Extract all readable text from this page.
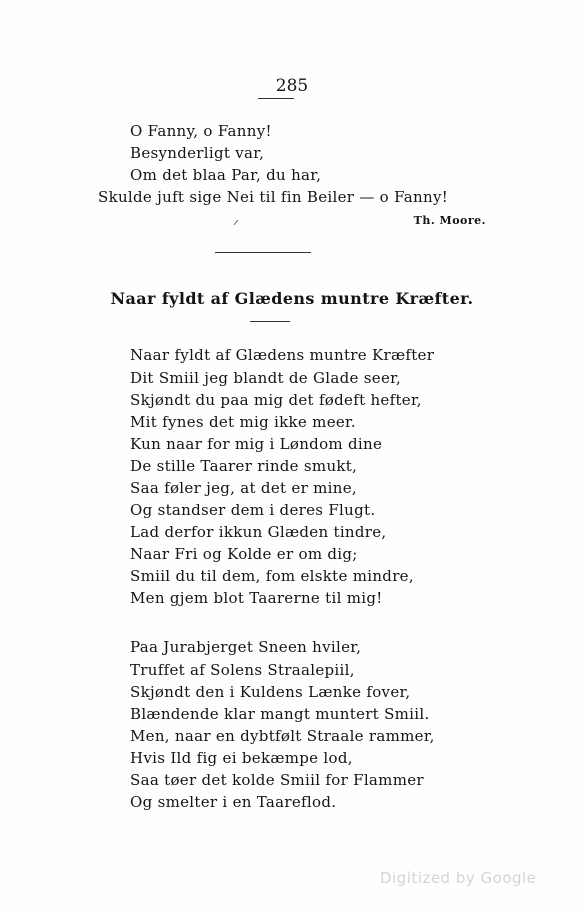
285
O Fanny, o Fanny!
Besynderligt var,
Om det blaa Par, du har,
Skulde juft sige Nei til fin Beiler — o Fanny!
Th. Moore.
Naar fyldt af Glædens muntre Kræfter.
Naar fyldt af Glædens muntre Kræfter
Dit Smiil jeg blandt de Glade seer,
Skjøndt du paa mig det fødeft hefter,
Mit fynes det mig ikke meer.
Kun naar for mig i Løndom dine
De stille Taarer rinde smukt,
Saa føler jeg, at det er mine,
Og standser dem i deres Flugt.
Lad derfor ikkun Glæden tindre,
Naar Fri og Kolde er om dig;
Smiil du til dem, fom elskte mindre,
Men gjem blot Taarerne til mig!
Paa Jurabjerget Sneen hviler,
Truffet af Solens Straalepiil,
Skjøndt den i Kuldens Lænke fover,
Blændende klar mangt muntert Smiil.
Men, naar en dybtfølt Straale rammer,
Hvis Ild fig ei bekæmpe lod,
Saa tøer det kolde Smiil for Flammer
Og smelter i en Taareflod.
Digitized by Google
